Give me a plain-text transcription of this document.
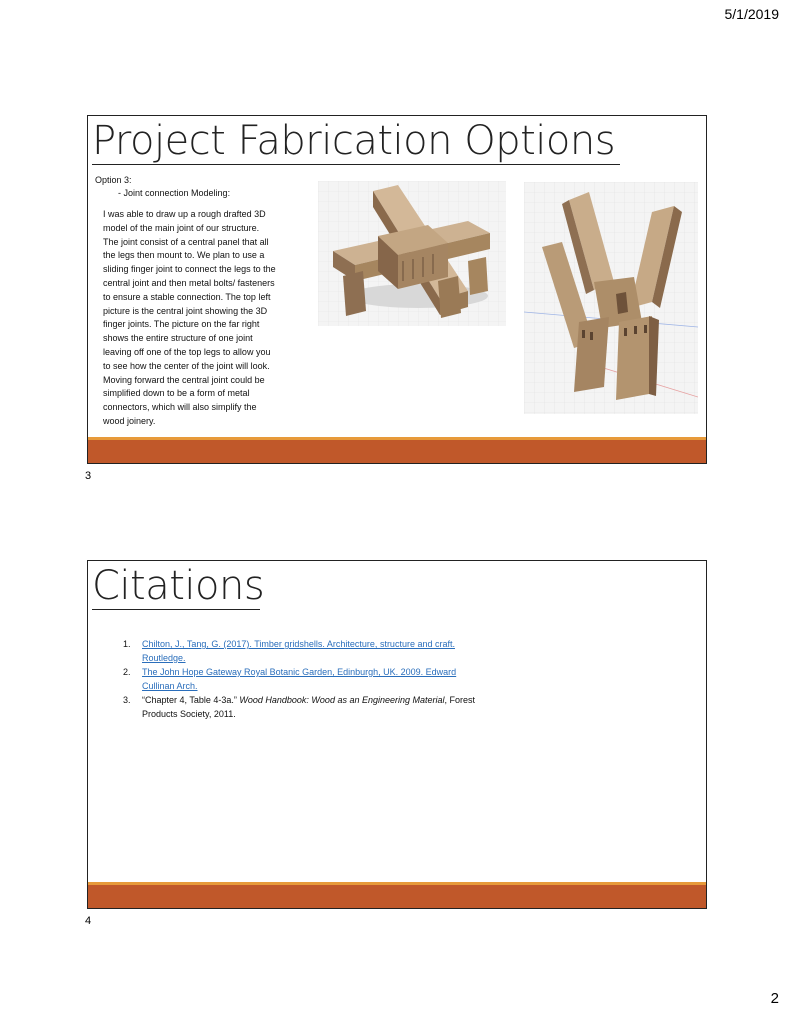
5/1/2019
Project Fabrication Options
Option 3:
- Joint connection Modeling:
I was able to draw up a rough drafted 3D
model of the main joint of our structure.
The joint consist of a central panel that all
the legs then mount to. We plan to use a
sliding finger joint to connect the legs to the
central joint and then metal bolts/ fasteners
to ensure a stable connection. The top left
picture is the central joint showing the 3D
finger joints. The picture on the far right
shows the entire structure of one joint
leaving off one of the top legs to allow you
to see how the center of the joint will look.
Moving forward the central joint could be
simplified down to be a form of metal
connectors, which will also simplify the
wood joinery.
3
Citations
1. Chilton, J., Tang, G. (2017). Timber gridshells. Architecture, structure and craft.
Routledge.
2. The John Hope Gateway Royal Botanic Garden, Edinburgh, UK. 2009. Edward
Cullinan Arch.
3. “Chapter 4, Table 4-3a.” Wood Handbook: Wood as an Engineering Material, Forest
Products Society, 2011.
4
2
